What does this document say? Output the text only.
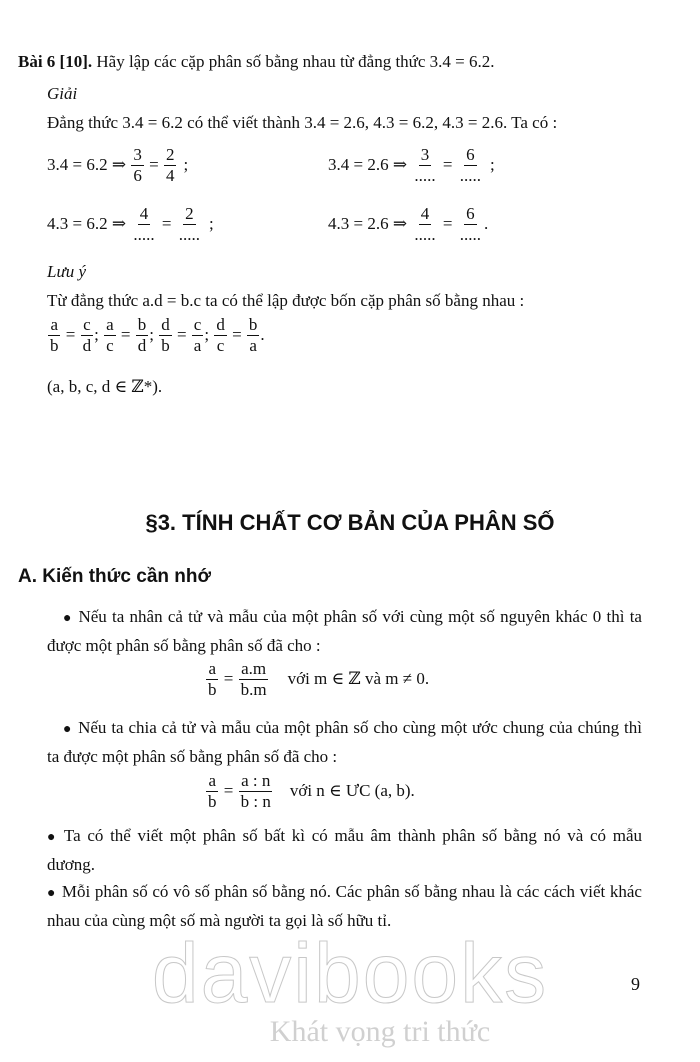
Bài 6 [10]. Hãy lập các cặp phân số bằng nhau từ đẳng thức 3.4 = 6.2.
Giải
Đẳng thức 3.4 = 6.2 có thể viết thành 3.4 = 2.6, 4.3 = 6.2, 4.3 = 2.6. Ta có :
3.4 = 6.2 ⇒
$\frac{3}{6} = \frac{2}{4}$ ;	3.4 = 2.6 ⇒
$\frac{3}{.....} = \frac{6}{.....}$ ;
4.3 = 6.2 ⇒
$\frac{4}{.....} = \frac{2}{.....}$ ;	4.3 = 2.6 ⇒
$\frac{4}{.....} = \frac{6}{.....}$ .
Lưu ý
Từ đẳng thức a.d = b.c ta có thể lập được bốn cặp phân số bằng nhau :
$\frac{a}{b} = \frac{c}{d}$ ;
$\frac{a}{c} = \frac{b}{d}$ ;
$\frac{d}{b} = \frac{c}{a}$ ;
$\frac{d}{c} = \frac{b}{a}$ .
(a, b, c, d ∈ ℤ*).
§3. TÍNH CHẤT CƠ BẢN CỦA PHÂN SỐ
A. Kiến thức cần nhớ
● Nếu ta nhân cả tử và mẫu của một phân số với cùng một số nguyên khác 0 thì ta được một phân số bằng phân số đã cho :
$\frac{a}{b} = \frac{a.m}{b.m}$ với m ∈ ℤ và m ≠ 0.
● Nếu ta chia cả tử và mẫu của một phân số cho cùng một ước chung của chúng thì ta được một phân số bằng phân số đã cho :
$\frac{a}{b} = \frac{a : n}{b : n}$ với n ∈ ƯC (a, b).
● Ta có thể viết một phân số bất kì có mẫu âm thành phân số bằng nó và có mẫu dương.
● Mỗi phân số có vô số phân số bằng nó. Các phân số bằng nhau là các cách viết khác nhau của cùng một số mà người ta gọi là số hữu tỉ.
9
davibooks
Khát vọng tri thức
